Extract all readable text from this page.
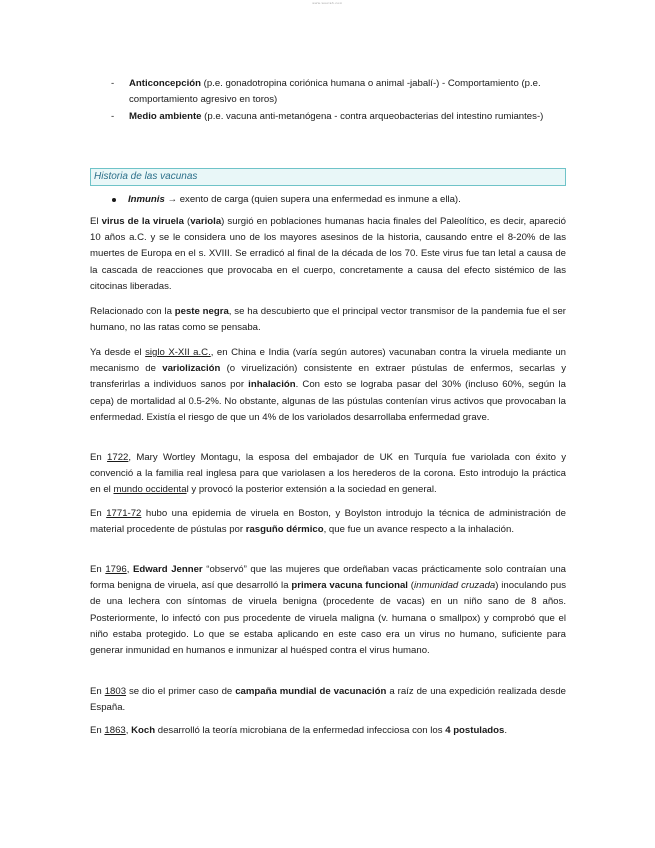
www.wuolah.com
- Anticoncepción (p.e. gonadotropina coriónica humana o animal -jabalí-) - Comportamiento (p.e. comportamiento agresivo en toros)
- Medio ambiente (p.e. vacuna anti-metanógena - contra arqueobacterias del intestino rumiantes-)
Historia de las vacunas
Inmunis → exento de carga (quien supera una enfermedad es inmune a ella).

El virus de la viruela (variola) surgió en poblaciones humanas hacia finales del Paleolítico, es decir, apareció 10 años a.C. y se le considera uno de los mayores asesinos de la historia, causando entre el 8-20% de las muertes de Europa en el s. XVIII. Se erradicó al final de la década de los 70. Este virus fue tan letal a causa de la cascada de reacciones que provocaba en el cuerpo, concretamente a causa del efecto sistémico de las citocinas liberadas.

Relacionado con la peste negra, se ha descubierto que el principal vector transmisor de la pandemia fue el ser humano, no las ratas como se pensaba.

Ya desde el siglo X-XII a.C., en China e India (varía según autores) vacunaban contra la viruela mediante un mecanismo de variolización (o viruelización) consistente en extraer pústulas de enfermos, secarlas y transferirlas a individuos sanos por inhalación. Con esto se lograba pasar del 30% (incluso 60%, según la cepa) de mortalidad al 0.5-2%. No obstante, algunas de las pústulas contenían virus activos que provocaban la enfermedad. Existía el riesgo de que un 4% de los variolados desarrollaba enfermedad grave.

En 1722, Mary Wortley Montagu, la esposa del embajador de UK en Turquía fue variolada con éxito y convenció a la familia real inglesa para que variolasen a los herederos de la corona. Esto introdujo la práctica en el mundo occidental y provocó la posterior extensión a la sociedad en general.

En 1771-72 hubo una epidemia de viruela en Boston, y Boylston introdujo la técnica de administración de material procedente de pústulas por rasguño dérmico, que fue un avance respecto a la inhalación.

En 1796, Edward Jenner “observó” que las mujeres que ordeñaban vacas prácticamente solo contraían una forma benigna de viruela, así que desarrolló la primera vacuna funcional (inmunidad cruzada) inoculando pus de una lechera con síntomas de viruela benigna (procedente de vacas) en un niño sano de 8 años. Posteriormente, lo infectó con pus procedente de viruela maligna (v. humana o smallpox) y comprobó que el niño estaba protegido. Lo que se estaba aplicando en este caso era un virus no humano, suficiente para generar inmunidad en humanos e inmunizar al huésped contra el virus humano.

En 1803 se dio el primer caso de campaña mundial de vacunación a raíz de una expedición realizada desde España.

En 1863, Koch desarrolló la teoría microbiana de la enfermedad infecciosa con los 4 postulados.
